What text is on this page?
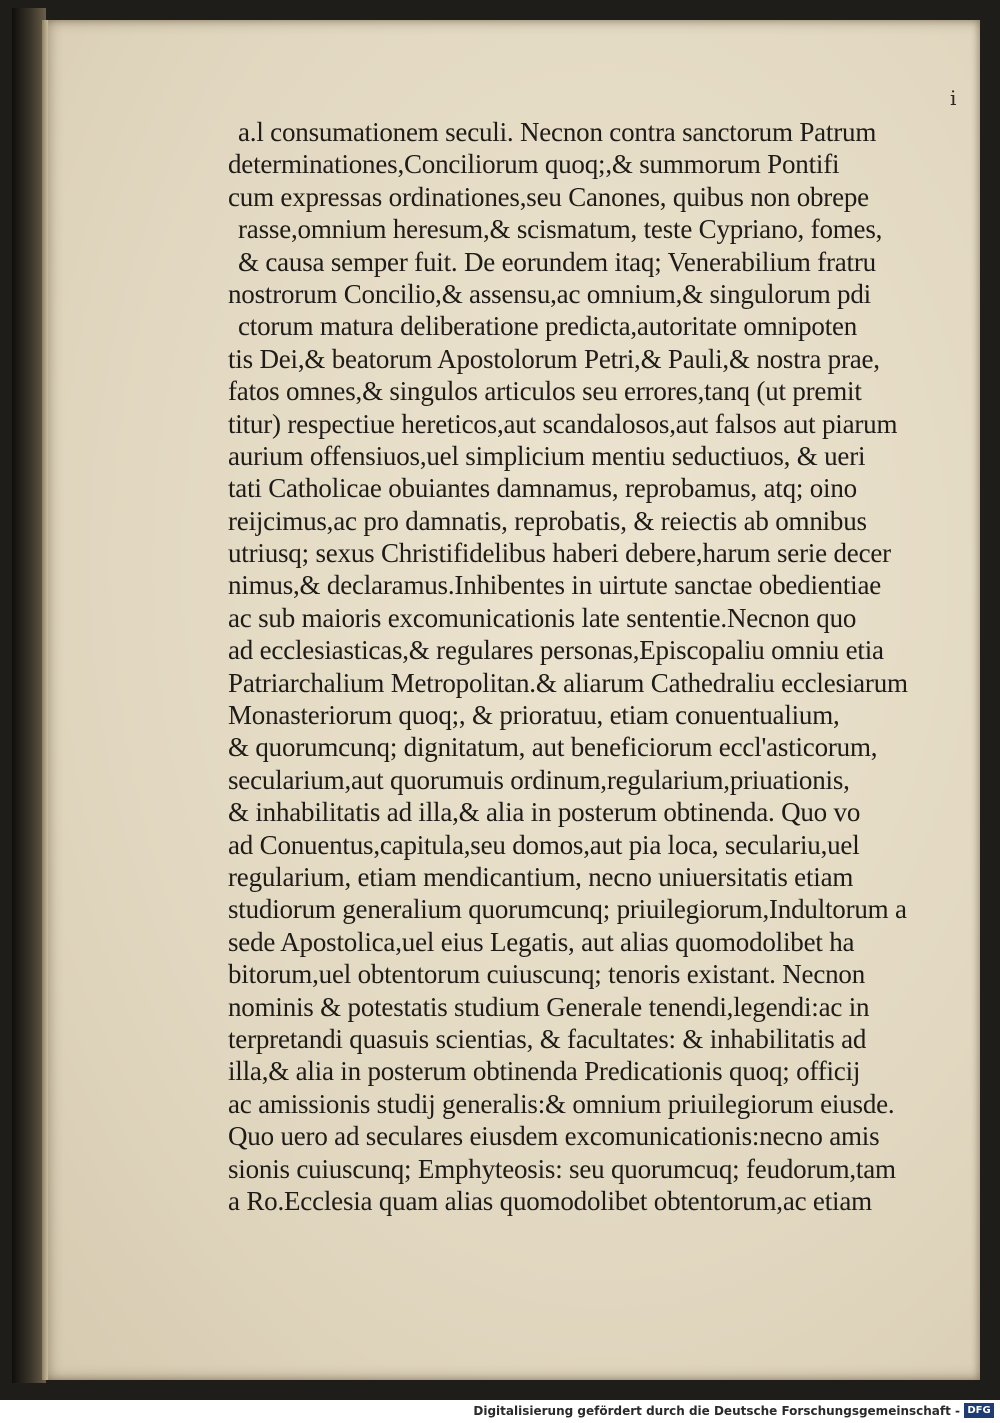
i
a.l consumationem seculi. Necnon contra sanctorum Patrum
determinationes,Conciliorum quoq;,& summorum Pontifi
cum expressas ordinationes,seu Canones, quibus non obrepe
rasse,omnium heresum,& scismatum, teste Cypriano, fomes,
& causa semper fuit. De eorundem itaq; Venerabilium fratru
nostrorum Concilio,& assensu,ac omnium,& singulorum pdi
ctorum matura deliberatione predicta,autoritate omnipoten
tis Dei,& beatorum Apostolorum Petri,& Pauli,& nostra prae,
fatos omnes,& singulos articulos seu errores,tanq (ut premit
titur) respectiue hereticos,aut scandalosos,aut falsos aut piarum
aurium offensiuos,uel simplicium mentiu seductiuos, & ueri
tati Catholicae obuiantes damnamus, reprobamus, atq; oino
reijcimus,ac pro damnatis, reprobatis, & reiectis ab omnibus
utriusq; sexus Christifidelibus haberi debere,harum serie decer
nimus,& declaramus.Inhibentes in uirtute sanctae obedientiae
ac sub maioris excomunicationis late sententie.Necnon quo
ad ecclesiasticas,& regulares personas,Episcopaliu omniu etia
Patriarchalium Metropolitan.& aliarum Cathedraliu ecclesiarum
Monasteriorum quoq;, & prioratuu, etiam conuentualium,
& quorumcunq; dignitatum, aut beneficiorum eccl'asticorum,
secularium,aut quorumuis ordinum,regularium,priuationis,
& inhabilitatis ad illa,& alia in posterum obtinenda. Quo vo
ad Conuentus,capitula,seu domos,aut pia loca, seculariu,uel
regularium, etiam mendicantium, necno uniuersitatis etiam
studiorum generalium quorumcunq; priuilegiorum,Indultorum a
sede Apostolica,uel eius Legatis, aut alias quomodolibet ha
bitorum,uel obtentorum cuiuscunq; tenoris existant. Necnon
nominis & potestatis studium Generale tenendi,legendi:ac in
terpretandi quasuis scientias, & facultates: & inhabilitatis ad
illa,& alia in posterum obtinenda Predicationis quoq; officij
ac amissionis studij generalis:& omnium priuilegiorum eiusde.
Quo uero ad seculares eiusdem excomunicationis:necno amis
sionis cuiuscunq; Emphyteosis: seu quorumcuq; feudorum,tam
a Ro.Ecclesia quam alias quomodolibet obtentorum,ac etiam
Digitalisierung gefördert durch die Deutsche Forschungsgemeinschaft - DFG
